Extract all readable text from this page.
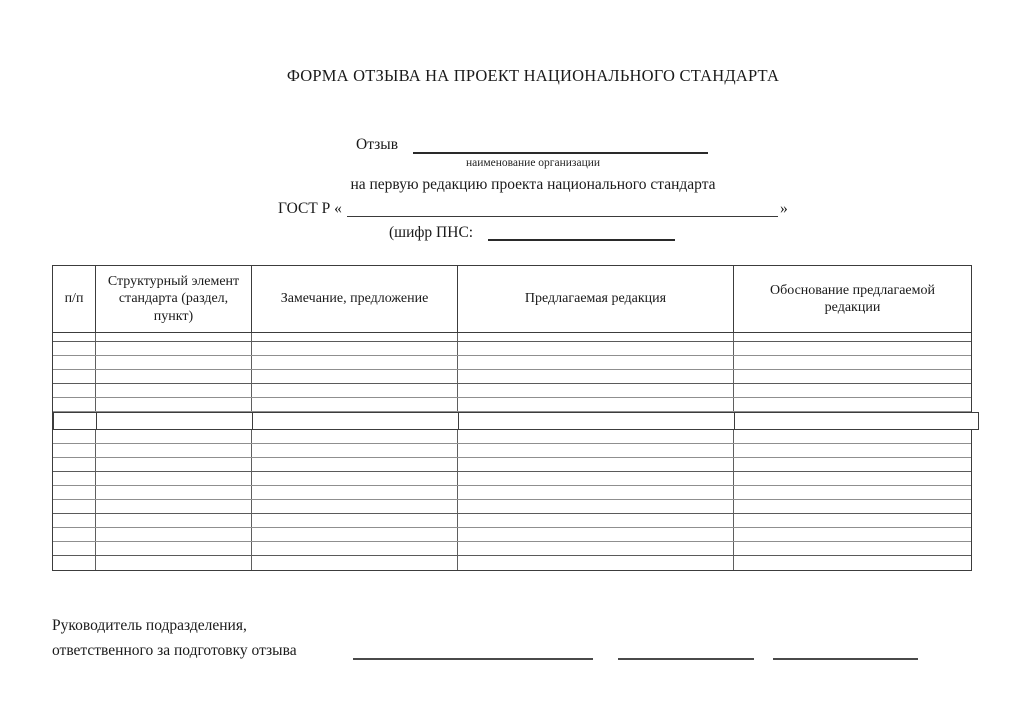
ФОРМА ОТЗЫВА НА ПРОЕКТ НАЦИОНАЛЬНОГО СТАНДАРТА
Отзыв
наименование организации
на первую редакцию проекта национального стандарта
ГОСТ Р «	»
(шифр ПНС:
п/п
Структурный элемент стандарта (раздел, пункт)
Замечание, предложение	Предлагаемая редакция
Обоснование предлагаемой редакции
Руководитель подразделения,
ответственного за подготовку отзыва
